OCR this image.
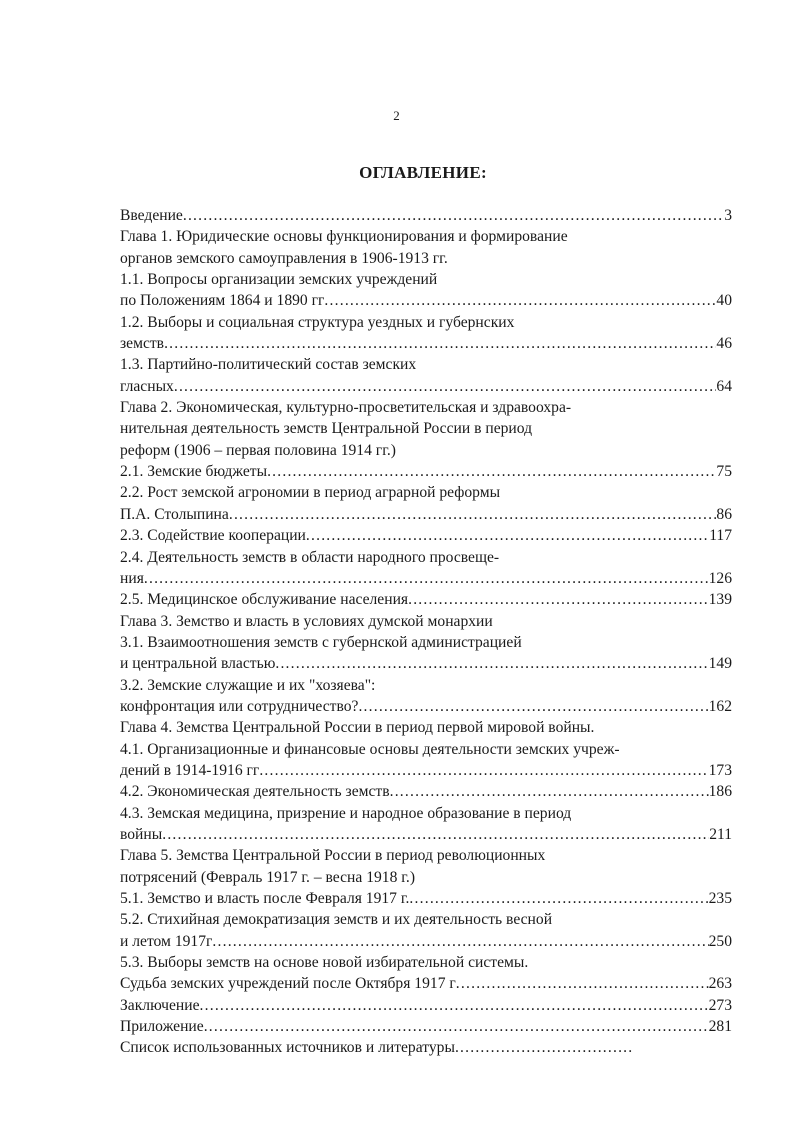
2
ОГЛАВЛЕНИЕ:
Введение .....	3
Глава 1. Юридические основы функционирования и формирование
органов земского самоуправления в 1906-1913 гг.
1.1. Вопросы организации земских учреждений
по Положениям 1864 и 1890 гг .....	40
1.2. Выборы и социальная структура уездных и губернских
земств .....	46
1.3. Партийно-политический состав земских
гласных .....	64
Глава 2. Экономическая, культурно-просветительская и здравоохра-
нительная деятельность земств Центральной России в период
реформ (1906 – первая половина 1914 гг.)
2.1. Земские бюджеты .....	75
2.2. Рост земской агрономии в период аграрной реформы
П.А. Столыпина .....	86
2.3. Содействие кооперации .....	117
2.4. Деятельность земств в области народного просвеще-
ния .....	126
2.5. Медицинское обслуживание населения .....	139
Глава 3. Земство и власть в условиях думской монархии
3.1. Взаимоотношения земств с губернской администрацией
и центральной властью .....	149
3.2. Земские служащие и их "хозяева":
конфронтация или сотрудничество? .....	162
Глава 4. Земства Центральной России в период первой мировой войны.
4.1. Организационные и финансовые основы деятельности земских учреж-
дений в 1914-1916 гг .....	173
4.2. Экономическая деятельность земств .....	186
4.3. Земская медицина, призрение и народное образование в период
войны .....	211
Глава 5. Земства Центральной России в период революционных
потрясений (Февраль 1917 г. – весна 1918 г.)
5.1. Земство и власть после Февраля 1917 г. .....	235
5.2. Стихийная демократизация земств и их деятельность весной
и летом 1917г .....	250
5.3. Выборы земств на основе новой избирательной системы.
Судьба земских учреждений после Октября 1917 г .....	263
Заключение .....	273
Приложение .....	281
Список использованных источников и литературы
.....
